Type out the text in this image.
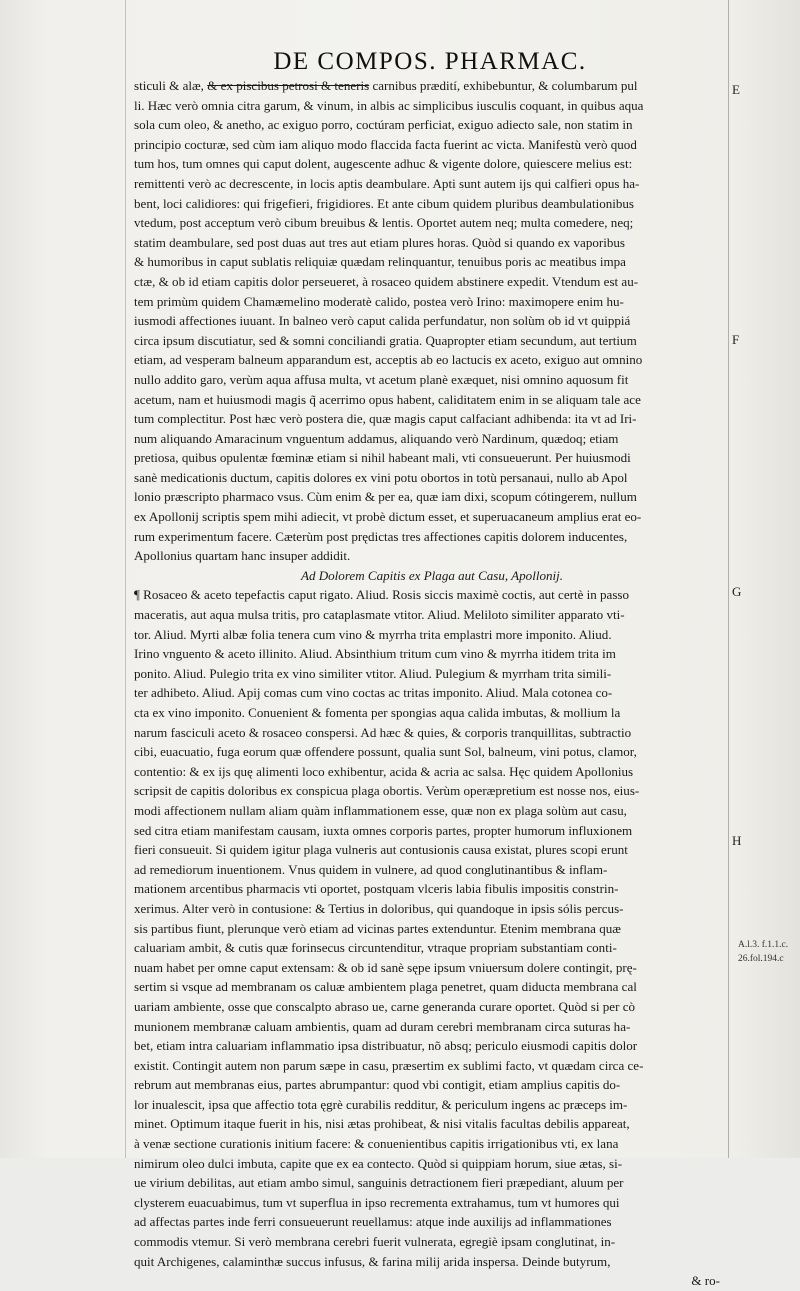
DE COMPOS. PHARMAC.
sticuli & alæ, & ex piscibus petrosi & teneris carnibus prædití, exhibebuntur, & columbarum pul
li. Hæc verò omnia citra garum, & vinum, in albis ac simplicibus iusculis coquant, in quibus aqua
sola cum oleo, & anetho, ac exiguo porro, coctúram perficiat, exiguo adiecto sale, non statim in
principio cocturæ, sed cùm iam aliquo modo flaccida facta fuerint ac victa. Manifestù verò quod
tum hos, tum omnes qui caput dolent, augescente adhuc & vigente dolore, quiescere melius est:
remittenti verò ac decrescente, in locis aptis deambulare. Apti sunt autem ijs qui calfieri opus ha-
bent, loci calidiores: qui frigefieri, frigidiores. Et ante cibum quidem pluribus deambulationibus
vtedum, post acceptum verò cibum breuibus & lentis. Oportet autem neq; multa comedere, neq;
statim deambulare, sed post duas aut tres aut etiam plures horas. Quòd si quando ex vaporibus
& humoribus in caput sublatis reliquiæ quædam relinquantur, tenuibus poris ac meatibus impa
ctæ, & ob id etiam capitis dolor perseueret, à rosaceo quidem abstinere expedit. Vtendum est au-
tem primùm quidem Chamæmelino moderatè calido, postea verò Irino: maximopere enim hu-
iusmodi affectiones iuuant. In balneo verò caput calida perfundatur, non solùm ob id vt quippiá
circa ipsum discutiatur, sed & somni conciliandi gratia. Quapropter etiam secundum, aut tertium
etiam, ad vesperam balneum apparandum est, acceptis ab eo lactucis ex aceto, exiguo aut omnino
nullo addito garo, verùm aqua affusa multa, vt acetum planè exæquet, nisi omnino aquosum fit
acetum, nam et huiusmodi magis q̃ acerrimo opus habent, caliditatem enim in se aliquam tale ace
tum complectitur. Post hæc verò postera die, quæ magis caput calfaciant adhibenda: ita vt ad Iri-
num aliquando Amaracinum vnguentum addamus, aliquando verò Nardinum, quædoq; etiam
pretiosa, quibus opulentæ fœminæ etiam si nihil habeant mali, vti consueuerunt. Per huiusmodi
sanè medicationis ductum, capitis dolores ex vini potu obortos in totù persanaui, nullo ab Apol
lonio præscripto pharmaco vsus. Cùm enim & per ea, quæ iam dixi, scopum cótingerem, nullum
ex Apollonij scriptis spem mihi adiecit, vt probè dictum esset, et superuacaneum amplius erat eo-
rum experimentum facere. Cæterùm post prędictas tres affectiones capitis dolorem inducentes,
Apollonius quartam hanc insuper addidit.
Ad Dolorem Capitis ex Plaga aut Casu, Apollonij.
¶ Rosaceo & aceto tepefactis caput rigato. Aliud. Rosis siccis maximè coctis, aut certè in passo
maceratis, aut aqua mulsa tritis, pro cataplasmate vtitor. Aliud. Meliloto similiter apparato vti-
tor. Aliud. Myrti albæ folia tenera cum vino & myrrha trita emplastri more imponito. Aliud.
Irino vnguento & aceto illinito. Aliud. Absinthium tritum cum vino & myrrha itidem trita im
ponito. Aliud. Pulegio trita ex vino similiter vtitor. Aliud. Pulegium & myrrham trita simili-
ter adhibeto. Aliud. Apij comas cum vino coctas ac tritas imponito. Aliud. Mala cotonea co-
cta ex vino imponito. Conuenient & fomenta per spongias aqua calida imbutas, & mollium la
narum fasciculi aceto & rosaceo conspersi. Ad hæc & quies, & corporis tranquillitas, subtractio
cibi, euacuatio, fuga eorum quæ offendere possunt, qualia sunt Sol, balneum, vini potus, clamor,
contentio: & ex ijs quę alimenti loco exhibentur, acida & acria ac salsa. Hęc quidem Apollonius
scripsit de capitis doloribus ex conspicua plaga obortis. Verùm operæpretium est nosse nos, eius-
modi affectionem nullam aliam quàm inflammationem esse, quæ non ex plaga solùm aut casu,
sed citra etiam manifestam causam, iuxta omnes corporis partes, propter humorum influxionem
fieri consueuit. Si quidem igitur plaga vulneris aut contusionis causa existat, plures scopi erunt
ad remediorum inuentionem. Vnus quidem in vulnere, ad quod conglutinantibus & inflam-
mationem arcentibus pharmacis vti oportet, postquam vlceris labia fibulis impositis constrin-
xerimus. Alter verò in contusione: & Tertius in doloribus, qui quandoque in ipsis sólis percus-
sis partibus fiunt, plerunque verò etiam ad vicinas partes extenduntur. Etenim membrana quæ
caluariam ambit, & cutis quæ forinsecus circuntenditur, vtraque propriam substantiam conti-
nuam habet per omne caput extensam: & ob id sanè sępe ipsum vniuersum dolere contingit, prę-
sertim si vsque ad membranam os caluæ ambientem plaga penetret, quam diducta membrana cal
uariam ambiente, osse que conscalpto abraso ue, carne generanda curare oportet. Quòd si per cò
munionem membranæ caluam ambientis, quam ad duram cerebri membranam circa suturas ha-
bet, etiam intra caluariam inflammatio ipsa distribuatur, nõ absq; periculo eiusmodi capitis dolor
existit. Contingit autem non parum sæpe in casu, præsertim ex sublimi facto, vt quædam circa ce-
rebrum aut membranas eius, partes abrumpantur: quod vbi contigit, etiam amplius capitis do-
lor inualescit, ipsa que affectio tota ęgrè curabilis redditur, & periculum ingens ac præceps im-
minet. Optimum itaque fuerit in his, nisi ætas prohibeat, & nisi vitalis facultas debilis appareat,
à venæ sectione curationis initium facere: & conuenientibus capitis irrigationibus vti, ex lana
nimirum oleo dulci imbuta, capite que ex ea contecto. Quòd si quippiam horum, siue ætas, si-
ue virium debilitas, aut etiam ambo simul, sanguinis detractionem fieri præpediant, aluum per
clysterem euacuabimus, tum vt superflua in ipso recrementa extrahamus, tum vt humores qui
ad affectas partes inde ferri consueuerunt reuellamus: atque inde auxilijs ad inflammationes
commodis vtemur. Si verò membrana cerebri fuerit vulnerata, egregiè ipsam conglutinat, in-
quit Archigenes, calaminthæ succus infusus, & farina milij arida inspersa. Deinde butyrum,
& ro-
E
F
G
H
A.l.3. f.1.1.c.
26.fol.194.c
